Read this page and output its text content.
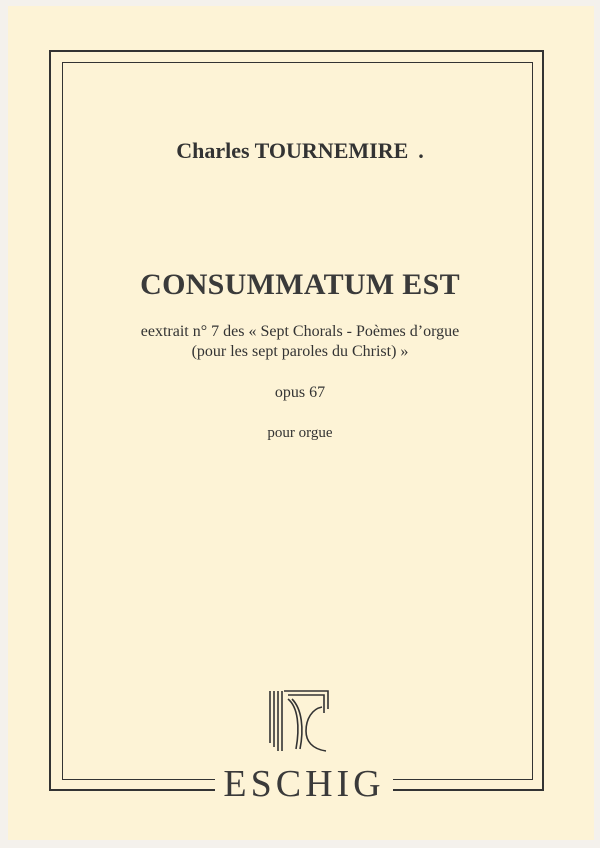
Charles TOURNEMIRE .
CONSUMMATUM EST
eextrait n° 7 des « Sept Chorals - Poèmes d’orgue
(pour les sept paroles du Christ) »
opus 67
pour orgue
ESCHIG
